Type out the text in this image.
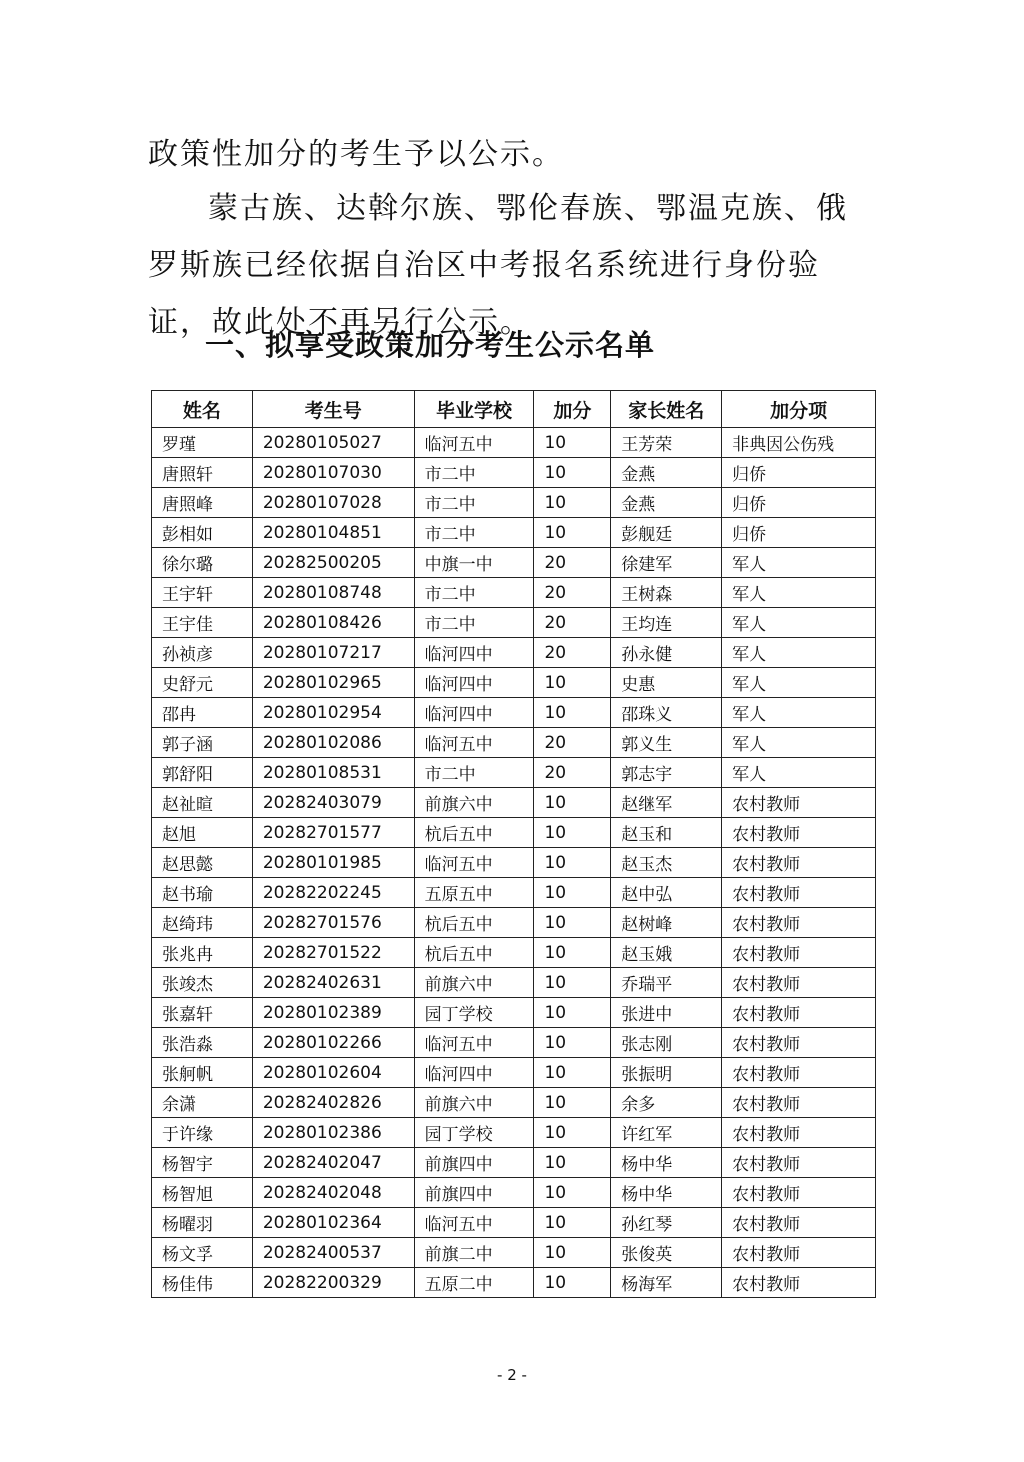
政策性加分的考生予以公示。

蒙古族、达斡尔族、鄂伦春族、鄂温克族、俄罗斯族已经依据自治区中考报名系统进行身份验证，故此处不再另行公示。

一、拟享受政策加分考生公示名单
姓名	考生号	毕业学校	加分	家长姓名	加分项
罗瑾	20280105027	临河五中	10	王芳荣	非典因公伤残
唐照轩	20280107030	市二中	10	金燕	归侨
唐照峰	20280107028	市二中	10	金燕	归侨
彭相如	20280104851	市二中	10	彭舰廷	归侨
徐尔璐	20282500205	中旗一中	20	徐建军	军人
王宇轩	20280108748	市二中	20	王树森	军人
王宇佳	20280108426	市二中	20	王均连	军人
孙祯彦	20280107217	临河四中	20	孙永健	军人
史舒元	20280102965	临河四中	10	史惠	军人
邵冉	20280102954	临河四中	10	邵珠义	军人
郭子涵	20280102086	临河五中	20	郭义生	军人
郭舒阳	20280108531	市二中	20	郭志宇	军人
赵祉暄	20282403079	前旗六中	10	赵继军	农村教师
赵旭	20282701577	杭后五中	10	赵玉和	农村教师
赵思懿	20280101985	临河五中	10	赵玉杰	农村教师
赵书瑜	20282202245	五原五中	10	赵中弘	农村教师
赵绮玮	20282701576	杭后五中	10	赵树峰	农村教师
张兆冉	20282701522	杭后五中	10	赵玉娥	农村教师
张竣杰	20282402631	前旗六中	10	乔瑞平	农村教师
张嘉轩	20280102389	园丁学校	10	张进中	农村教师
张浩淼	20280102266	临河五中	10	张志刚	农村教师
张舸帆	20280102604	临河四中	10	张振明	农村教师
余潇	20282402826	前旗六中	10	余多	农村教师
于许缘	20280102386	园丁学校	10	许红军	农村教师
杨智宇	20282402047	前旗四中	10	杨中华	农村教师
杨智旭	20282402048	前旗四中	10	杨中华	农村教师
杨曜羽	20280102364	临河五中	10	孙红琴	农村教师
杨文孚	20282400537	前旗二中	10	张俊英	农村教师
杨佳伟	20282200329	五原二中	10	杨海军	农村教师
- 2 -
